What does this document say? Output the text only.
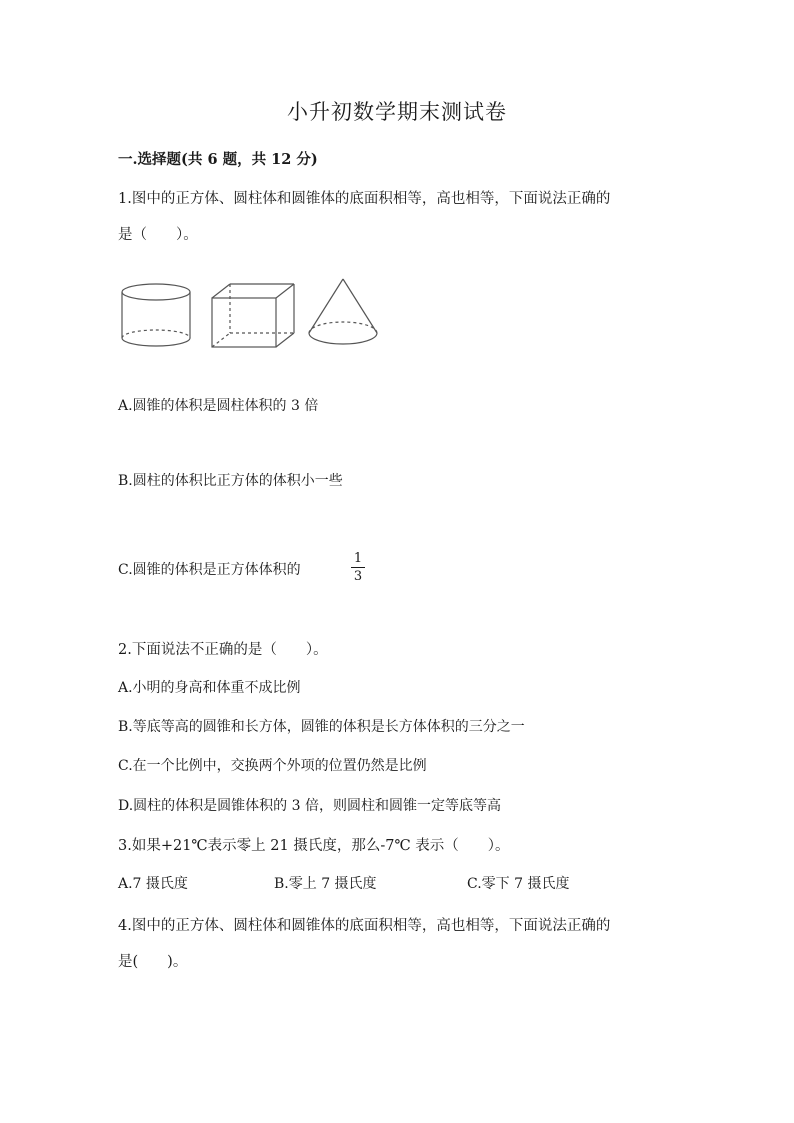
小升初数学期末测试卷
一.选择题(共 6 题，共 12 分)
1.图中的正方体、圆柱体和圆锥体的底面积相等，高也相等，下面说法正确的
是（　　）。
A.圆锥的体积是圆柱体积的 3 倍
B.圆柱的体积比正方体的体积小一些
C.圆锥的体积是正方体体积的
1
3
2.下面说法不正确的是（　　）。
A.小明的身高和体重不成比例
B.等底等高的圆锥和长方体，圆锥的体积是长方体体积的三分之一
C.在一个比例中，交换两个外项的位置仍然是比例
D.圆柱的体积是圆锥体积的 3 倍，则圆柱和圆锥一定等底等高
3.如果+21℃表示零上 21 摄氏度，那么-7℃ 表示（　　）。
A.7 摄氏度	B.零上 7 摄氏度	C.零下 7 摄氏度
4.图中的正方体、圆柱体和圆锥体的底面积相等，高也相等，下面说法正确的
是(　　)。
